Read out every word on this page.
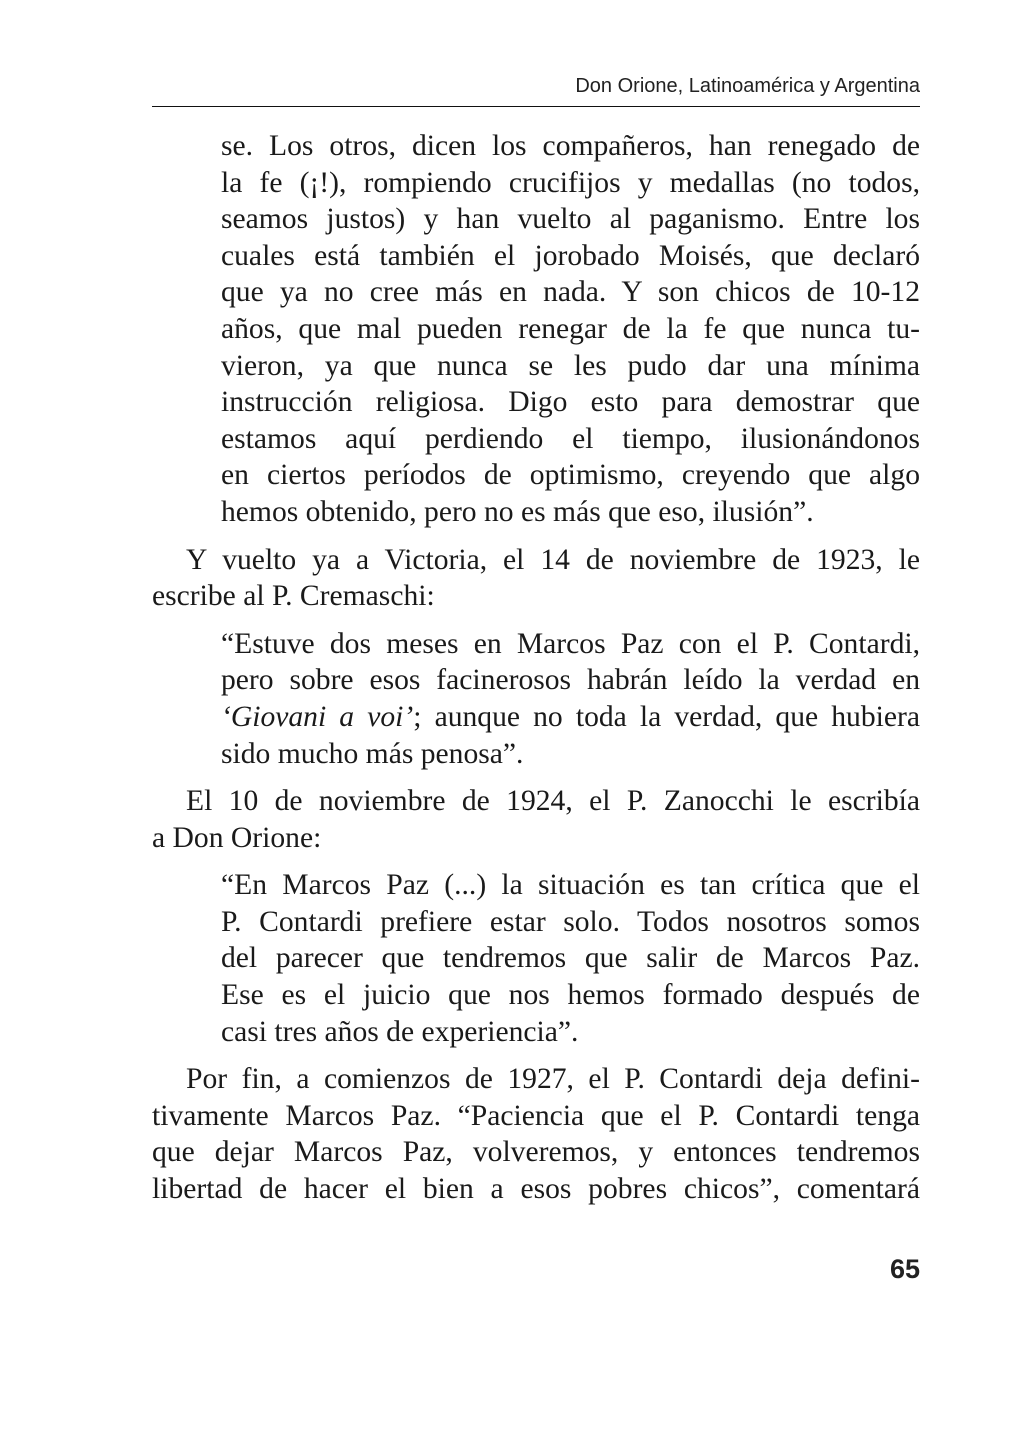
Don Orione, Latinoamérica y Argentina

se. Los otros, dicen los compañeros, han renegado de

la fe (¡!), rompiendo crucifijos y medallas (no todos,

seamos justos) y han vuelto al paganismo. Entre los

cuales está también el jorobado Moisés, que declaró

que ya no cree más en nada. Y son chicos de 10-12

años, que mal pueden renegar de la fe que nunca tu-

vieron, ya que nunca se les pudo dar una mínima

instrucción religiosa. Digo esto para demostrar que

estamos aquí perdiendo el tiempo, ilusionándonos

en ciertos períodos de optimismo, creyendo que algo

hemos obtenido, pero no es más que eso, ilusión”.

Y vuelto ya a Victoria, el 14 de noviembre de 1923, le

escribe al P. Cremaschi:

“Estuve dos meses en Marcos Paz con el P. Contardi,

pero sobre esos facinerosos habrán leído la verdad en

‘Giovani a voi’; aunque no toda la verdad, que hubiera

sido mucho más penosa”.

El 10 de noviembre de 1924, el P. Zanocchi le escribía

a Don Orione:

“En Marcos Paz (...) la situación es tan crítica que el

P. Contardi prefiere estar solo. Todos nosotros somos

del parecer que tendremos que salir de Marcos Paz.

Ese es el juicio que nos hemos formado después de

casi tres años de experiencia”.

Por fin, a comienzos de 1927, el P. Contardi deja defini-

tivamente Marcos Paz. “Paciencia que el P. Contardi tenga

que dejar Marcos Paz, volveremos, y entonces tendremos

libertad de hacer el bien a esos pobres chicos”, comentará

65
